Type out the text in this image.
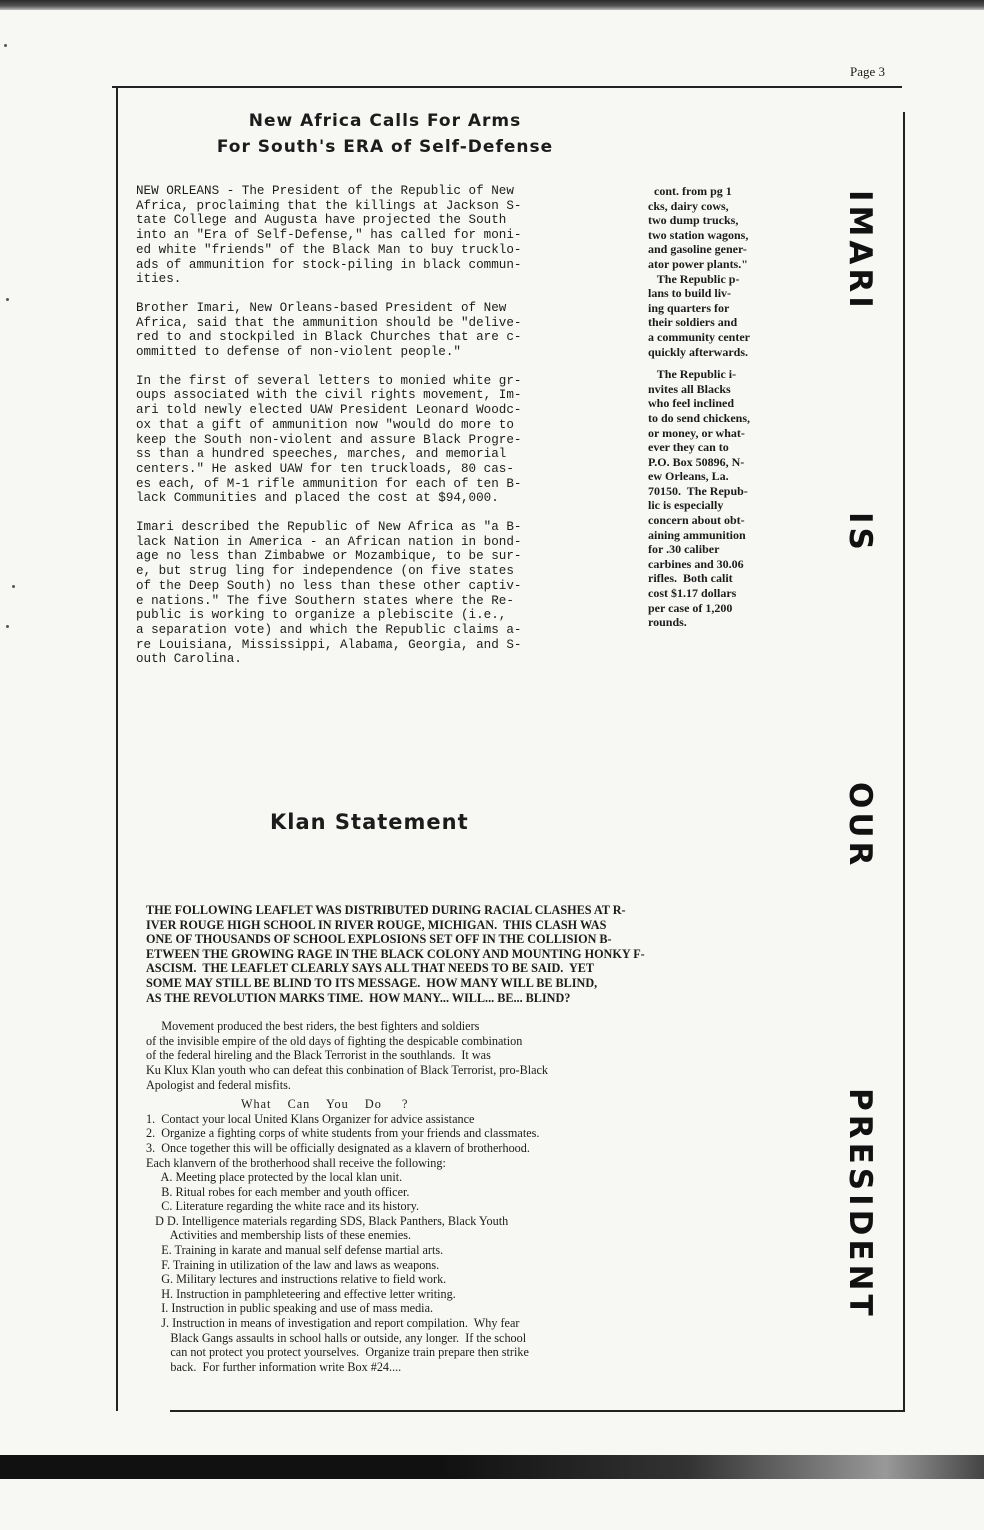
Page 3
New Africa Calls For Arms
For South's ERA of Self-Defense

NEW ORLEANS - The President of the Republic of New
Africa, proclaiming that the killings at Jackson S-
tate College and Augusta have projected the South
into an "Era of Self-Defense," has called for moni-
ed white "friends" of the Black Man to buy trucklo-
ads of ammunition for stock-piling in black commun-
ities.

Brother Imari, New Orleans-based President of New
Africa, said that the ammunition should be "delive-
red to and stockpiled in Black Churches that are c-
ommitted to defense of non-violent people."

In the first of several letters to monied white gr-
oups associated with the civil rights movement, Im-
ari told newly elected UAW President Leonard Woodc-
ox that a gift of ammunition now "would do more to
keep the South non-violent and assure Black Progre-
ss than a hundred speeches, marches, and memorial
centers." He asked UAW for ten truckloads, 80 cas-
es each, of M-1 rifle ammunition for each of ten B-
lack Communities and placed the cost at $94,000.

Imari described the Republic of New Africa as "a B-
lack Nation in America - an African nation in bond-
age no less than Zimbabwe or Mozambique, to be sur-
e, but strug ling for independence (on five states
of the Deep South) no less than these other captiv-
e nations." The five Southern states where the Re-
public is working to organize a plebiscite (i.e.,
a separation vote) and which the Republic claims a-
re Louisiana, Mississippi, Alabama, Georgia, and S-
outh Carolina.

cont. from pg 1
cks, dairy cows,
two dump trucks,
two station wagons,
and gasoline gener-
ator power plants."
The Republic p-
lans to build liv-
ing quarters for
their soldiers and
a community center
quickly afterwards.

The Republic i-
nvites all Blacks
who feel inclined
to do send chickens,
or money, or what-
ever they can to
P.O. Box 50896, N-
ew Orleans, La.
70150.  The Repub-
lic is especially
concern about obt-
aining ammunition
for .30 caliber
carbines and 30.06
rifles.  Both calit
cost $1.17 dollars
per case of 1,200
rounds.

IMARI
IS
OUR
PRESIDENT
Klan Statement
THE FOLLOWING LEAFLET WAS DISTRIBUTED DURING RACIAL CLASHES AT R-
IVER ROUGE HIGH SCHOOL IN RIVER ROUGE, MICHIGAN.  THIS CLASH WAS
ONE OF THOUSANDS OF SCHOOL EXPLOSIONS SET OFF IN THE COLLISION B-
ETWEEN THE GROWING RAGE IN THE BLACK COLONY AND MOUNTING HONKY F-
ASCISM.  THE LEAFLET CLEARLY SAYS ALL THAT NEEDS TO BE SAID.  YET
SOME MAY STILL BE BLIND TO ITS MESSAGE.  HOW MANY WILL BE BLIND,
AS THE REVOLUTION MARKS TIME.  HOW MANY... WILL... BE... BLIND?
Movement produced the best riders, the best fighters and soldiers
of the invisible empire of the old days of fighting the despicable combination
of the federal hireling and the Black Terrorist in the southlands.  It was
Ku Klux Klan youth who can defeat this conbination of Black Terrorist, pro-Black
Apologist and federal misfits.
What    Can    You    Do     ?
1.  Contact your local United Klans Organizer for advice assistance
2.  Organize a fighting corps of white students from your friends and classmates.
3.  Once together this will be officially designated as a klavern of brotherhood.
Each klanvern of the brotherhood shall receive the following:
A. Meeting place protected by the local klan unit.
B. Ritual robes for each member and youth officer.
C. Literature regarding the white race and its history.
D D. Intelligence materials regarding SDS, Black Panthers, Black Youth
Activities and membership lists of these enemies.
E. Training in karate and manual self defense martial arts.
F. Training in utilization of the law and laws as weapons.
G. Military lectures and instructions relative to field work.
H. Instruction in pamphleteering and effective letter writing.
I. Instruction in public speaking and use of mass media.
J. Instruction in means of investigation and report compilation.  Why fear
Black Gangs assaults in school halls or outside, any longer.  If the school
can not protect you protect yourselves.  Organize train prepare then strike
back.  For further information write Box #24....
